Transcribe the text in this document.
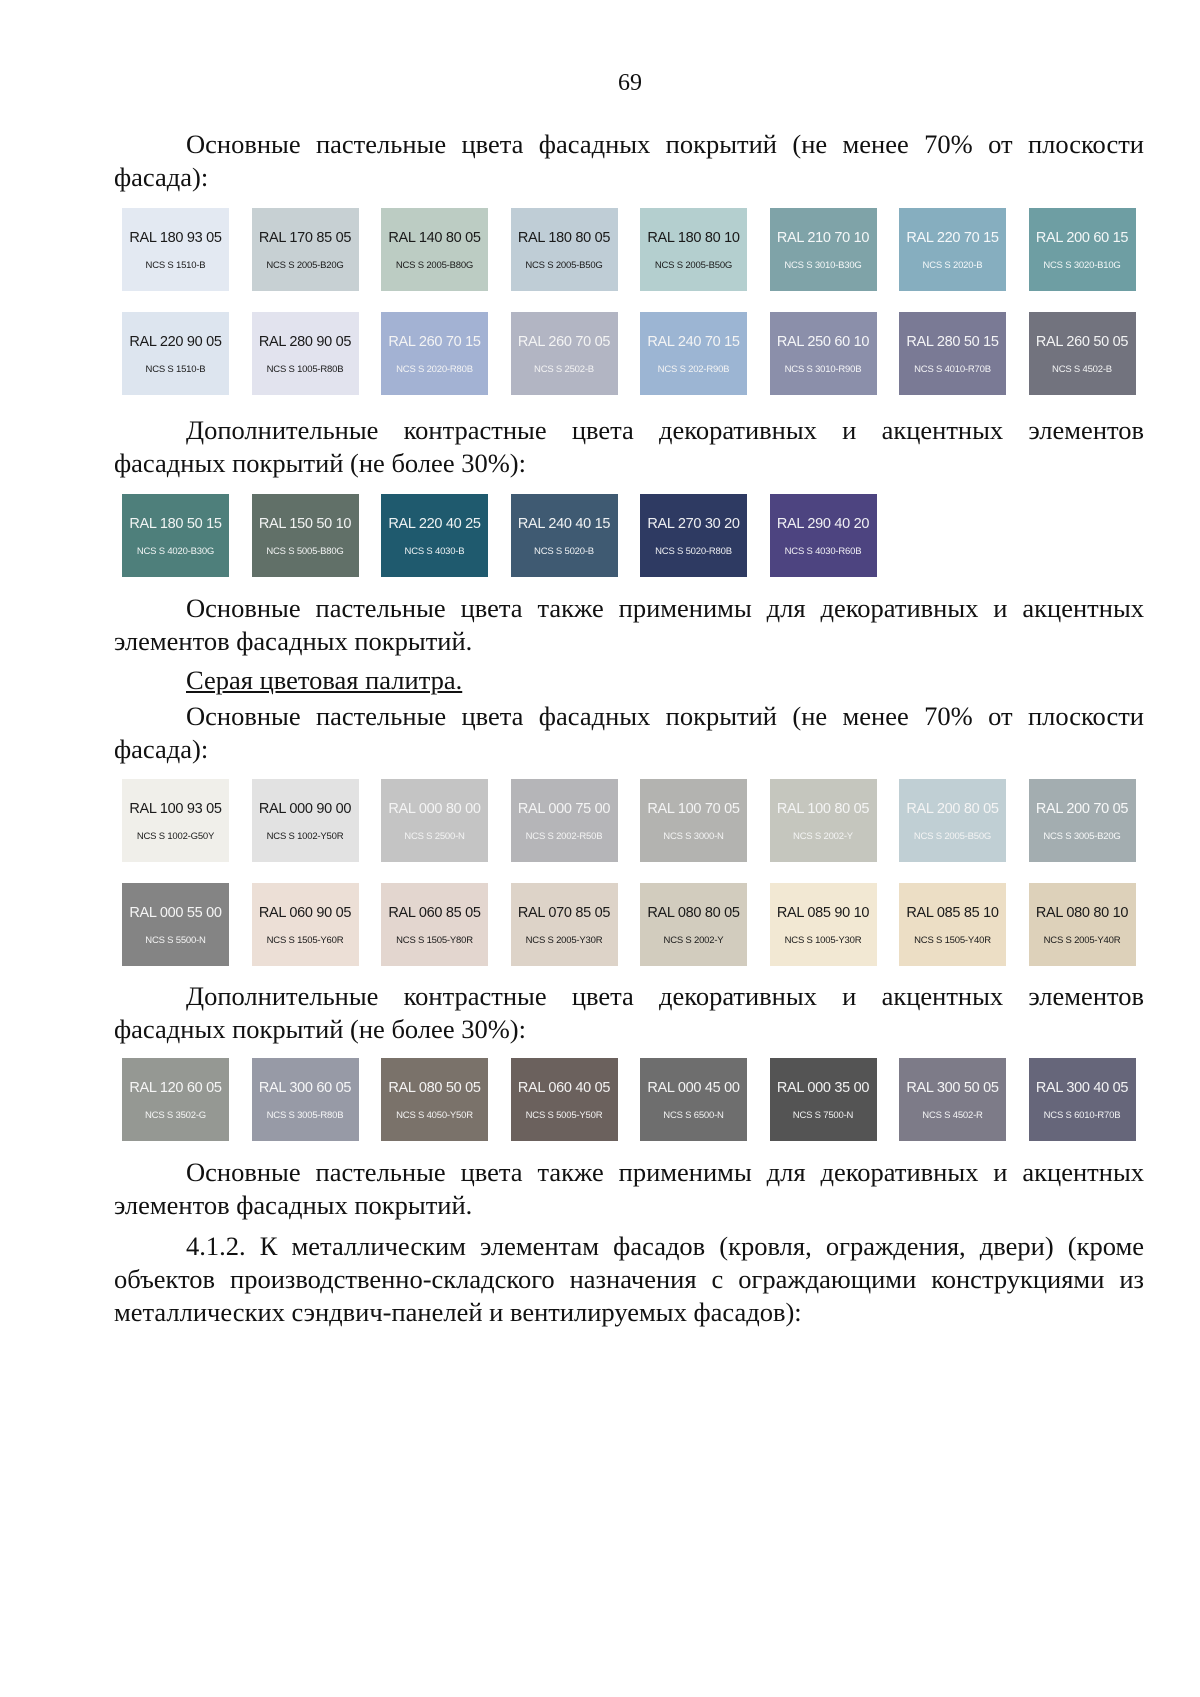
69

Основные пастельные цвета фасадных покрытий (не менее 70% от плоскости фасада):

RAL 180 93 05
NCS S 1510-B
RAL 170 85 05
NCS S 2005-B20G
RAL 140 80 05
NCS S 2005-B80G
RAL 180 80 05
NCS S 2005-B50G
RAL 180 80 10
NCS S 2005-B50G
RAL 210 70 10
NCS S 3010-B30G
RAL 220 70 15
NCS S 2020-B
RAL 200 60 15
NCS S 3020-B10G
RAL 220 90 05
NCS S 1510-B
RAL 280 90 05
NCS S 1005-R80B
RAL 260 70 15
NCS S 2020-R80B
RAL 260 70 05
NCS S 2502-B
RAL 240 70 15
NCS S 202-R90B
RAL 250 60 10
NCS S 3010-R90B
RAL 280 50 15
NCS S 4010-R70B
RAL 260 50 05
NCS S 4502-B

Дополнительные контрастные цвета декоративных и акцентных элементов фасадных покрытий (не более 30%):

RAL 180 50 15
NCS S 4020-B30G
RAL 150 50 10
NCS S 5005-B80G
RAL 220 40 25
NCS S 4030-B
RAL 240 40 15
NCS S 5020-B
RAL 270 30 20
NCS S 5020-R80B
RAL 290 40 20
NCS S 4030-R60B

Основные пастельные цвета также применимы для декоративных и акцентных элементов фасадных покрытий.

Серая цветовая палитра.

Основные пастельные цвета фасадных покрытий (не менее 70% от плоскости фасада):

RAL 100 93 05
NCS S 1002-G50Y
RAL 000 90 00
NCS S 1002-Y50R
RAL 000 80 00
NCS S 2500-N
RAL 000 75 00
NCS S 2002-R50B
RAL 100 70 05
NCS S 3000-N
RAL 100 80 05
NCS S 2002-Y
RAL 200 80 05
NCS S 2005-B50G
RAL 200 70 05
NCS S 3005-B20G
RAL 000 55 00
NCS S 5500-N
RAL 060 90 05
NCS S 1505-Y60R
RAL 060 85 05
NCS S 1505-Y80R
RAL 070 85 05
NCS S 2005-Y30R
RAL 080 80 05
NCS S 2002-Y
RAL 085 90 10
NCS S 1005-Y30R
RAL 085 85 10
NCS S 1505-Y40R
RAL 080 80 10
NCS S 2005-Y40R

Дополнительные контрастные цвета декоративных и акцентных элементов фасадных покрытий (не более 30%):

RAL 120 60 05
NCS S 3502-G
RAL 300 60 05
NCS S 3005-R80B
RAL 080 50 05
NCS S 4050-Y50R
RAL 060 40 05
NCS S 5005-Y50R
RAL 000 45 00
NCS S 6500-N
RAL 000 35 00
NCS S 7500-N
RAL 300 50 05
NCS S 4502-R
RAL 300 40 05
NCS S 6010-R70B

Основные пастельные цвета также применимы для декоративных и акцентных элементов фасадных покрытий.

4.1.2. К металлическим элементам фасадов (кровля, ограждения, двери) (кроме объектов производственно-складского назначения с ограждающими конструкциями из металлических сэндвич-панелей и вентилируемых фасадов):
